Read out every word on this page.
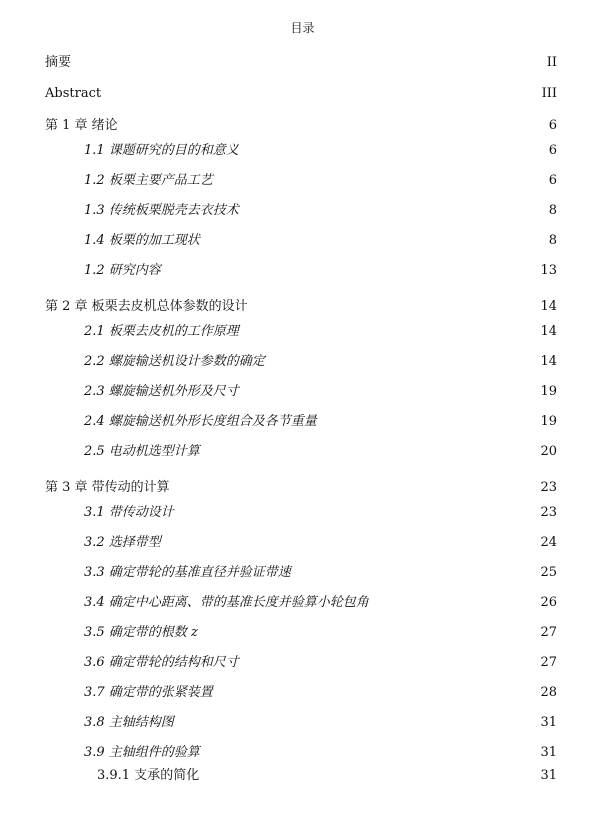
目录
摘要	II
Abstract	III
第 1 章 绪论	6
1.1 课题研究的目的和意义	6
1.2 板栗主要产品工艺	6
1.3 传统板栗脱壳去衣技术	8
1.4 板栗的加工现状	8
1.2 研究内容	13
第 2 章 板栗去皮机总体参数的设计	14
2.1 板栗去皮机的工作原理	14
2.2 螺旋输送机设计参数的确定	14
2.3 螺旋输送机外形及尺寸	19
2.4 螺旋输送机外形长度组合及各节重量	19
2.5 电动机选型计算	20
第 3 章 带传动的计算	23
3.1 带传动设计	23
3.2 选择带型	24
3.3 确定带轮的基准直径并验证带速	25
3.4 确定中心距离、带的基准长度并验算小轮包角	26
3.5 确定带的根数 z	27
3.6 确定带轮的结构和尺寸	27
3.7 确定带的张紧装置	28
3.8 主轴结构图	31
3.9 主轴组件的验算	31
3.9.1 支承的简化	31
